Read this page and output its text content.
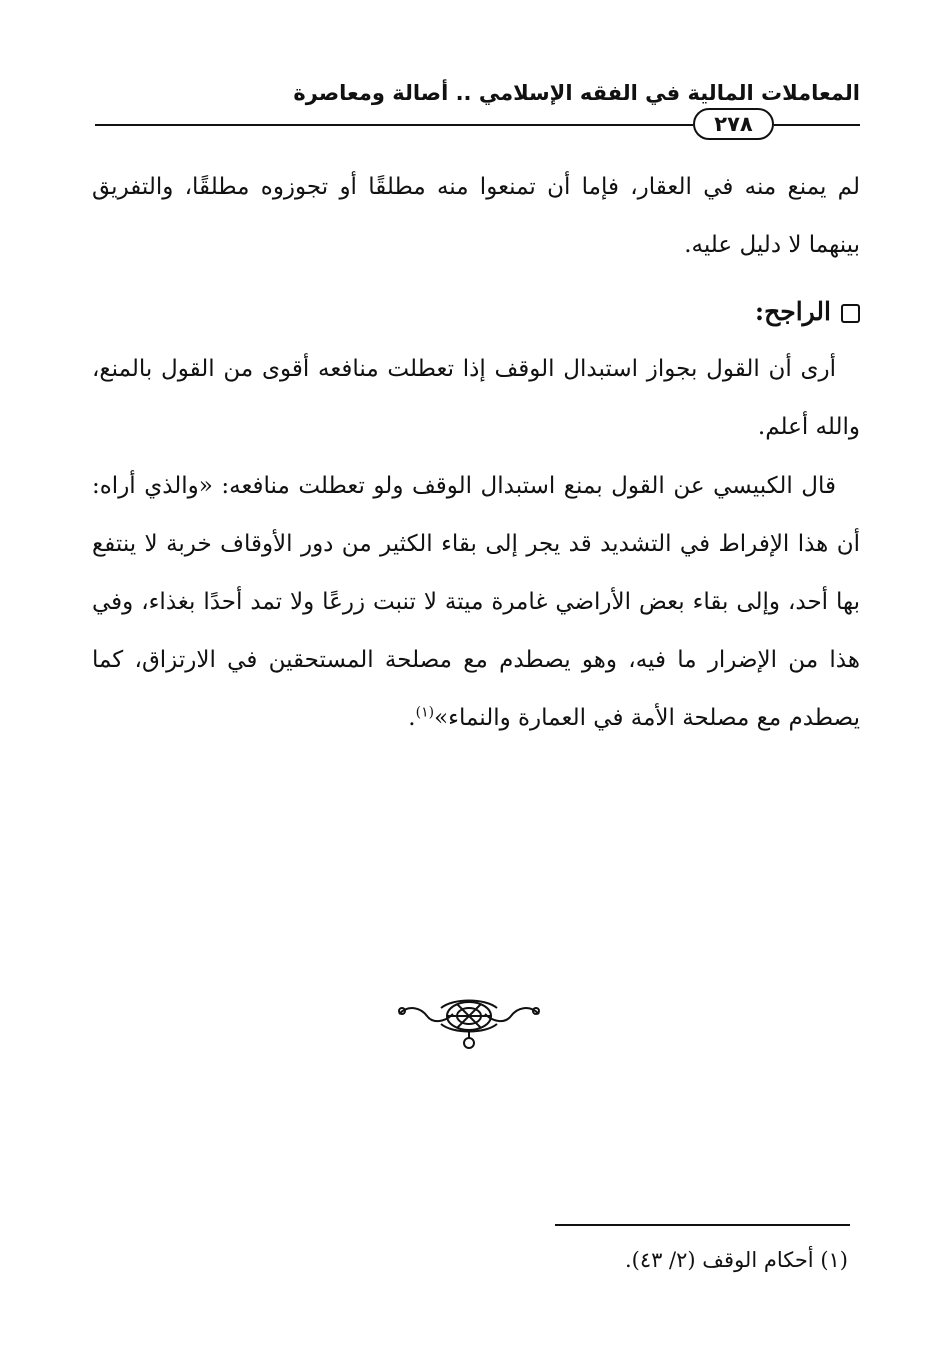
المعاملات المالية في الفقه الإسلامي .. أصالة ومعاصرة
٢٧٨

لم يمنع منه في العقار، فإما أن تمنعوا منه مطلقًا أو تجوزوه مطلقًا، والتفريق بينهما لا دليل عليه.

الراجح:

أرى أن القول بجواز استبدال الوقف إذا تعطلت منافعه أقوى من القول بالمنع، والله أعلم.

قال الكبيسي عن القول بمنع استبدال الوقف ولو تعطلت منافعه: «والذي أراه: أن هذا الإفراط في التشديد قد يجر إلى بقاء الكثير من دور الأوقاف خربة لا ينتفع بها أحد، وإلى بقاء بعض الأراضي غامرة ميتة لا تنبت زرعًا ولا تمد أحدًا بغذاء، وفي هذا من الإضرار ما فيه، وهو يصطدم مع مصلحة المستحقين في الارتزاق، كما يصطدم مع مصلحة الأمة في العمارة والنماء»$^{(١)}$.

(١) أحكام الوقف (٢/ ٤٣).
